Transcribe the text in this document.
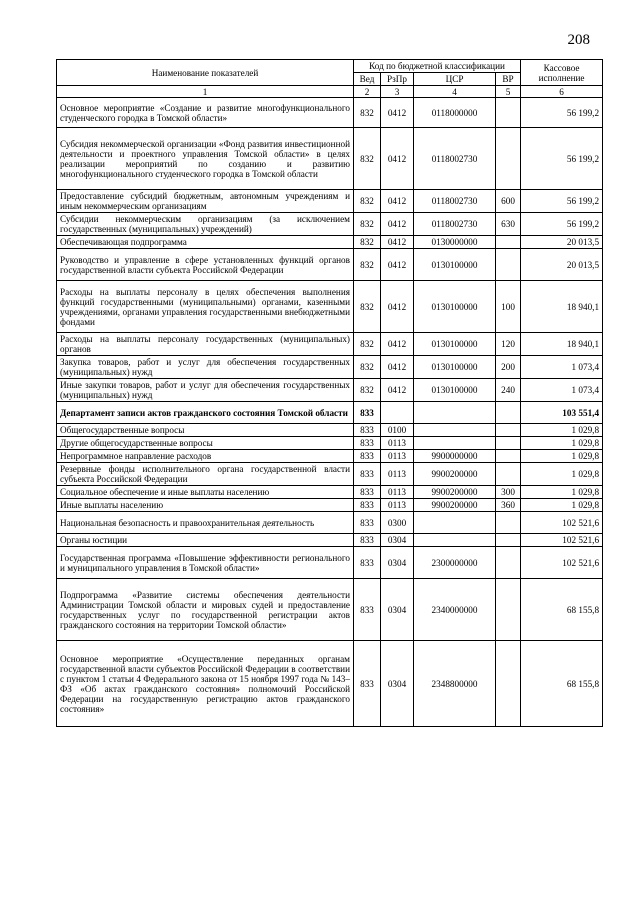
208
Наименование показателей	Код по бюджетной классификации				Кассовое исполнение
	Вед	РзПр	ЦСР	ВР	
1	2	3	4	5	6
Основное мероприятие «Создание и развитие многофункционального студенческого городка в Томской области»	832	0412	0118000000		56 199,2
Субсидия некоммерческой организации «Фонд развития инвестиционной деятельности и проектного управления Томской области» в целях реализации мероприятий по созданию и развитию многофункционального студенческого городка в Томской области	832	0412	0118002730		56 199,2
Предоставление субсидий бюджетным, автономным учреждениям и иным некоммерческим организациям	832	0412	0118002730	600	56 199,2
Субсидии некоммерческим организациям (за исключением государственных (муниципальных) учреждений)	832	0412	0118002730	630	56 199,2
Обеспечивающая подпрограмма	832	0412	0130000000		20 013,5
Руководство и управление в сфере установленных функций органов государственной власти субъекта Российской Федерации	832	0412	0130100000		20 013,5
Расходы на выплаты персоналу в целях обеспечения выполнения функций государственными (муниципальными) органами, казенными учреждениями, органами управления государственными внебюджетными фондами	832	0412	0130100000	100	18 940,1
Расходы на выплаты персоналу государственных (муниципальных) органов	832	0412	0130100000	120	18 940,1
Закупка товаров, работ и услуг для обеспечения государственных (муниципальных) нужд	832	0412	0130100000	200	1 073,4
Иные закупки товаров, работ и услуг для обеспечения государственных (муниципальных) нужд	832	0412	0130100000	240	1 073,4
Департамент записи актов гражданского состояния Томской области	833				103 551,4
Общегосударственные вопросы	833	0100			1 029,8
Другие общегосударственные вопросы	833	0113			1 029,8
Непрограммное направление расходов	833	0113	9900000000		1 029,8
Резервные фонды исполнительного органа государственной власти субъекта Российской Федерации	833	0113	9900200000		1 029,8
Социальное обеспечение и иные выплаты населению	833	0113	9900200000	300	1 029,8
Иные выплаты населению	833	0113	9900200000	360	1 029,8
Национальная безопасность и правоохранительная деятельность	833	0300			102 521,6
Органы юстиции	833	0304			102 521,6
Государственная программа «Повышение эффективности регионального и муниципального управления в Томской области»	833	0304	2300000000		102 521,6
Подпрограмма «Развитие системы обеспечения деятельности Администрации Томской области и мировых судей и предоставление государственных услуг по государственной регистрации актов гражданского состояния на территории Томской области»	833	0304	2340000000		68 155,8
Основное мероприятие «Осуществление переданных органам государственной власти субъектов Российской Федерации в соответствии с пунктом 1 статьи 4 Федерального закона от 15 ноября 1997 года № 143–ФЗ «Об актах гражданского состояния» полномочий Российской Федерации на государственную регистрацию актов гражданского состояния»	833	0304	2348800000		68 155,8
